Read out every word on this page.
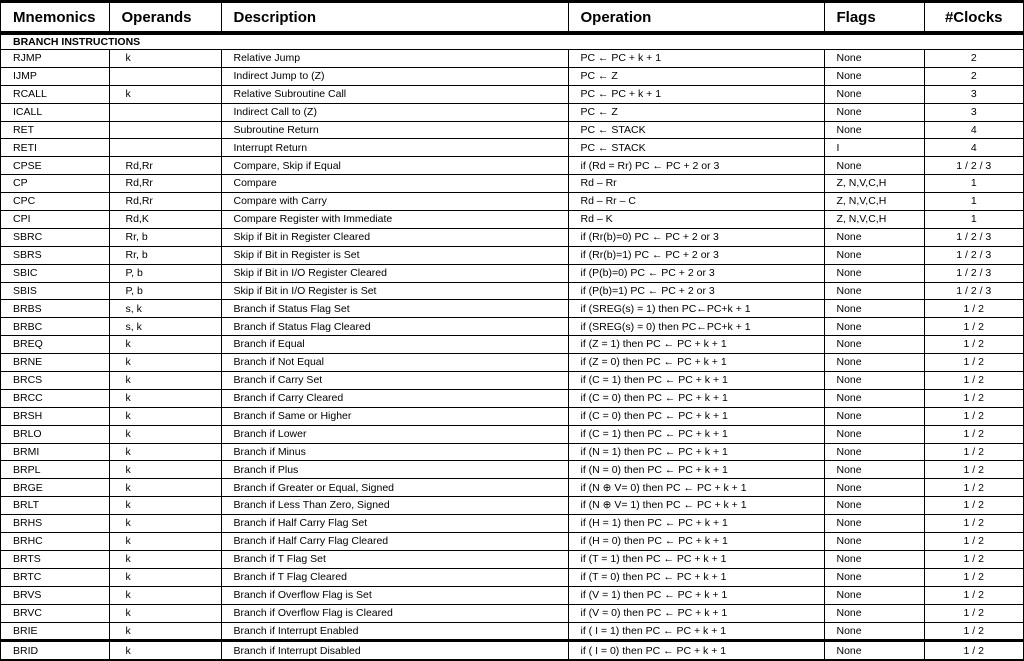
Mnemonics	Operands	Description	Operation	Flags	#Clocks
BRANCH INSTRUCTIONS					
RJMP	k	Relative Jump	PC ← PC + k + 1	None	2
IJMP		Indirect Jump to (Z)	PC ← Z	None	2
RCALL	k	Relative Subroutine Call	PC ← PC + k + 1	None	3
ICALL		Indirect Call to (Z)	PC ← Z	None	3
RET		Subroutine Return	PC ← STACK	None	4
RETI		Interrupt Return	PC ← STACK	I	4
CPSE	Rd,Rr	Compare, Skip if Equal	if (Rd = Rr) PC ← PC + 2 or 3	None	1 / 2 / 3
CP	Rd,Rr	Compare	Rd – Rr	Z, N,V,C,H	1
CPC	Rd,Rr	Compare with Carry	Rd – Rr – C	Z, N,V,C,H	1
CPI	Rd,K	Compare Register with Immediate	Rd – K	Z, N,V,C,H	1
SBRC	Rr, b	Skip if Bit in Register Cleared	if (Rr(b)=0) PC ← PC + 2 or 3	None	1 / 2 / 3
SBRS	Rr, b	Skip if Bit in Register is Set	if (Rr(b)=1) PC ← PC + 2 or 3	None	1 / 2 / 3
SBIC	P, b	Skip if Bit in I/O Register Cleared	if (P(b)=0) PC ← PC + 2 or 3	None	1 / 2 / 3
SBIS	P, b	Skip if Bit in I/O Register is Set	if (P(b)=1) PC ← PC + 2 or 3	None	1 / 2 / 3
BRBS	s, k	Branch if Status Flag Set	if (SREG(s) = 1) then PC←PC+k + 1	None	1 / 2
BRBC	s, k	Branch if Status Flag Cleared	if (SREG(s) = 0) then PC←PC+k + 1	None	1 / 2
BREQ	k	Branch if Equal	if (Z = 1) then PC ← PC + k + 1	None	1 / 2
BRNE	k	Branch if Not Equal	if (Z = 0) then PC ← PC + k + 1	None	1 / 2
BRCS	k	Branch if Carry Set	if (C = 1) then PC ← PC + k + 1	None	1 / 2
BRCC	k	Branch if Carry Cleared	if (C = 0) then PC ← PC + k + 1	None	1 / 2
BRSH	k	Branch if Same or Higher	if (C = 0) then PC ← PC + k + 1	None	1 / 2
BRLO	k	Branch if Lower	if (C = 1) then PC ← PC + k + 1	None	1 / 2
BRMI	k	Branch if Minus	if (N = 1) then PC ← PC + k + 1	None	1 / 2
BRPL	k	Branch if Plus	if (N = 0) then PC ← PC + k + 1	None	1 / 2
BRGE	k	Branch if Greater or Equal, Signed	if (N ⊕ V= 0) then PC ← PC + k + 1	None	1 / 2
BRLT	k	Branch if Less Than Zero, Signed	if (N ⊕ V= 1) then PC ← PC + k + 1	None	1 / 2
BRHS	k	Branch if Half Carry Flag Set	if (H = 1) then PC ← PC + k + 1	None	1 / 2
BRHC	k	Branch if Half Carry Flag Cleared	if (H = 0) then PC ← PC + k + 1	None	1 / 2
BRTS	k	Branch if T Flag Set	if (T = 1) then PC ← PC + k + 1	None	1 / 2
BRTC	k	Branch if T Flag Cleared	if (T = 0) then PC ← PC + k + 1	None	1 / 2
BRVS	k	Branch if Overflow Flag is Set	if (V = 1) then PC ← PC + k + 1	None	1 / 2
BRVC	k	Branch if Overflow Flag is Cleared	if (V = 0) then PC ← PC + k + 1	None	1 / 2
BRIE	k	Branch if Interrupt Enabled	if ( I = 1) then PC ← PC + k + 1	None	1 / 2
BRID	k	Branch if Interrupt Disabled	if ( I = 0) then PC ← PC + k + 1	None	1 / 2
